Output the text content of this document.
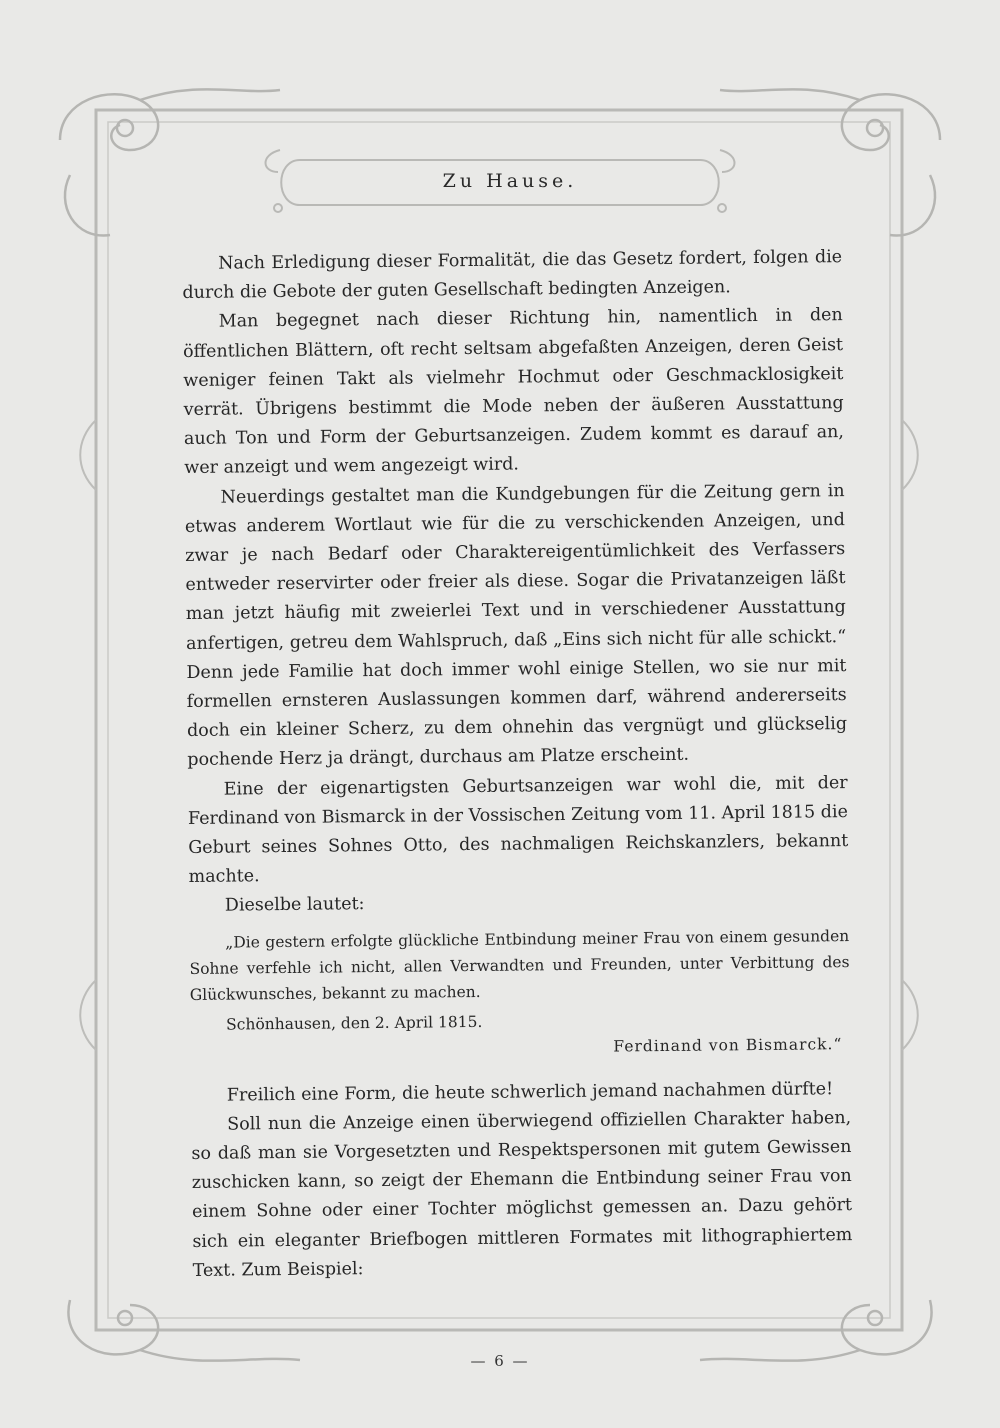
Zu Hause.

Nach Erledigung dieser Formalität, die das Gesetz fordert, folgen die durch die Gebote der guten Gesellschaft bedingten Anzeigen.

Man begegnet nach dieser Richtung hin, namentlich in den öffentlichen Blättern, oft recht seltsam abgefaßten Anzeigen, deren Geist weniger feinen Takt als vielmehr Hochmut oder Geschmacklosigkeit verrät. Übrigens bestimmt die Mode neben der äußeren Ausstattung auch Ton und Form der Geburtsanzeigen. Zudem kommt es darauf an, wer anzeigt und wem angezeigt wird.

Neuerdings gestaltet man die Kundgebungen für die Zeitung gern in etwas anderem Wortlaut wie für die zu verschickenden Anzeigen, und zwar je nach Bedarf oder Charaktereigentümlichkeit des Verfassers entweder reservirter oder freier als diese. Sogar die Privatanzeigen läßt man jetzt häufig mit zweierlei Text und in verschiedener Ausstattung anfertigen, getreu dem Wahlspruch, daß „Eins sich nicht für alle schickt.“ Denn jede Familie hat doch immer wohl einige Stellen, wo sie nur mit formellen ernsteren Auslassungen kommen darf, während andererseits doch ein kleiner Scherz, zu dem ohnehin das vergnügt und glückselig pochende Herz ja drängt, durchaus am Platze erscheint.

Eine der eigenartigsten Geburtsanzeigen war wohl die, mit der Ferdinand von Bismarck in der Vossischen Zeitung vom 11. April 1815 die Geburt seines Sohnes Otto, des nachmaligen Reichskanzlers, bekannt machte.

Dieselbe lautet:

„Die gestern erfolgte glückliche Entbindung meiner Frau von einem gesunden Sohne verfehle ich nicht, allen Verwandten und Freunden, unter Verbittung des Glückwunsches, bekannt zu machen.

Schönhausen, den 2. April 1815.

Ferdinand von Bismarck.“

Freilich eine Form, die heute schwerlich jemand nachahmen dürfte!

Soll nun die Anzeige einen überwiegend offiziellen Charakter haben, so daß man sie Vorgesetzten und Respektspersonen mit gutem Gewissen zuschicken kann, so zeigt der Ehemann die Entbindung seiner Frau von einem Sohne oder einer Tochter möglichst gemessen an. Dazu gehört sich ein eleganter Briefbogen mittleren Formates mit lithographiertem Text. Zum Beispiel:

— 6 —
